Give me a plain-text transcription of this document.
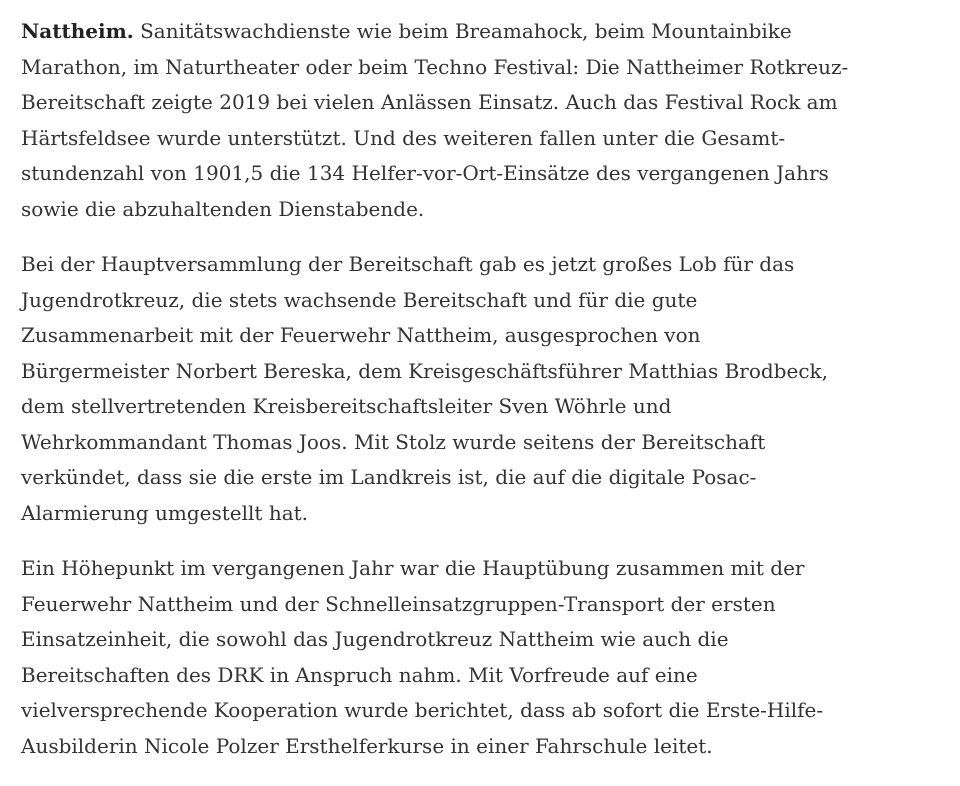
Nattheim. Sanitätswachdienste wie beim Breamahock, beim Mountainbike
Marathon, im Naturtheater oder beim Techno Festival: Die Nattheimer Rotkreuz-
Bereitschaft zeigte 2019 bei vielen Anlässen Einsatz. Auch das Festival Rock am
Härtsfeldsee wurde unterstützt. Und des weiteren fallen unter die Gesamt-
stundenzahl von 1901,5 die 134 Helfer-vor-Ort-Einsätze des vergangenen Jahrs
sowie die abzuhaltenden Dienstabende.

Bei der Hauptversammlung der Bereitschaft gab es jetzt großes Lob für das
Jugendrotkreuz, die stets wachsende Bereitschaft und für die gute
Zusammenarbeit mit der Feuerwehr Nattheim, ausgesprochen von
Bürgermeister Norbert Bereska, dem Kreisgeschäftsführer Matthias Brodbeck,
dem stellvertretenden Kreisbereitschaftsleiter Sven Wöhrle und
Wehrkommandant Thomas Joos. Mit Stolz wurde seitens der Bereitschaft
verkündet, dass sie die erste im Landkreis ist, die auf die digitale Posac-
Alarmierung umgestellt hat.

Ein Höhepunkt im vergangenen Jahr war die Hauptübung zusammen mit der
Feuerwehr Nattheim und der Schnelleinsatzgruppen-Transport der ersten
Einsatzeinheit, die sowohl das Jugendrotkreuz Nattheim wie auch die
Bereitschaften des DRK in Anspruch nahm. Mit Vorfreude auf eine
vielversprechende Kooperation wurde berichtet, dass ab sofort die Erste-Hilfe-
Ausbilderin Nicole Polzer Ersthelferkurse in einer Fahrschule leitet.
